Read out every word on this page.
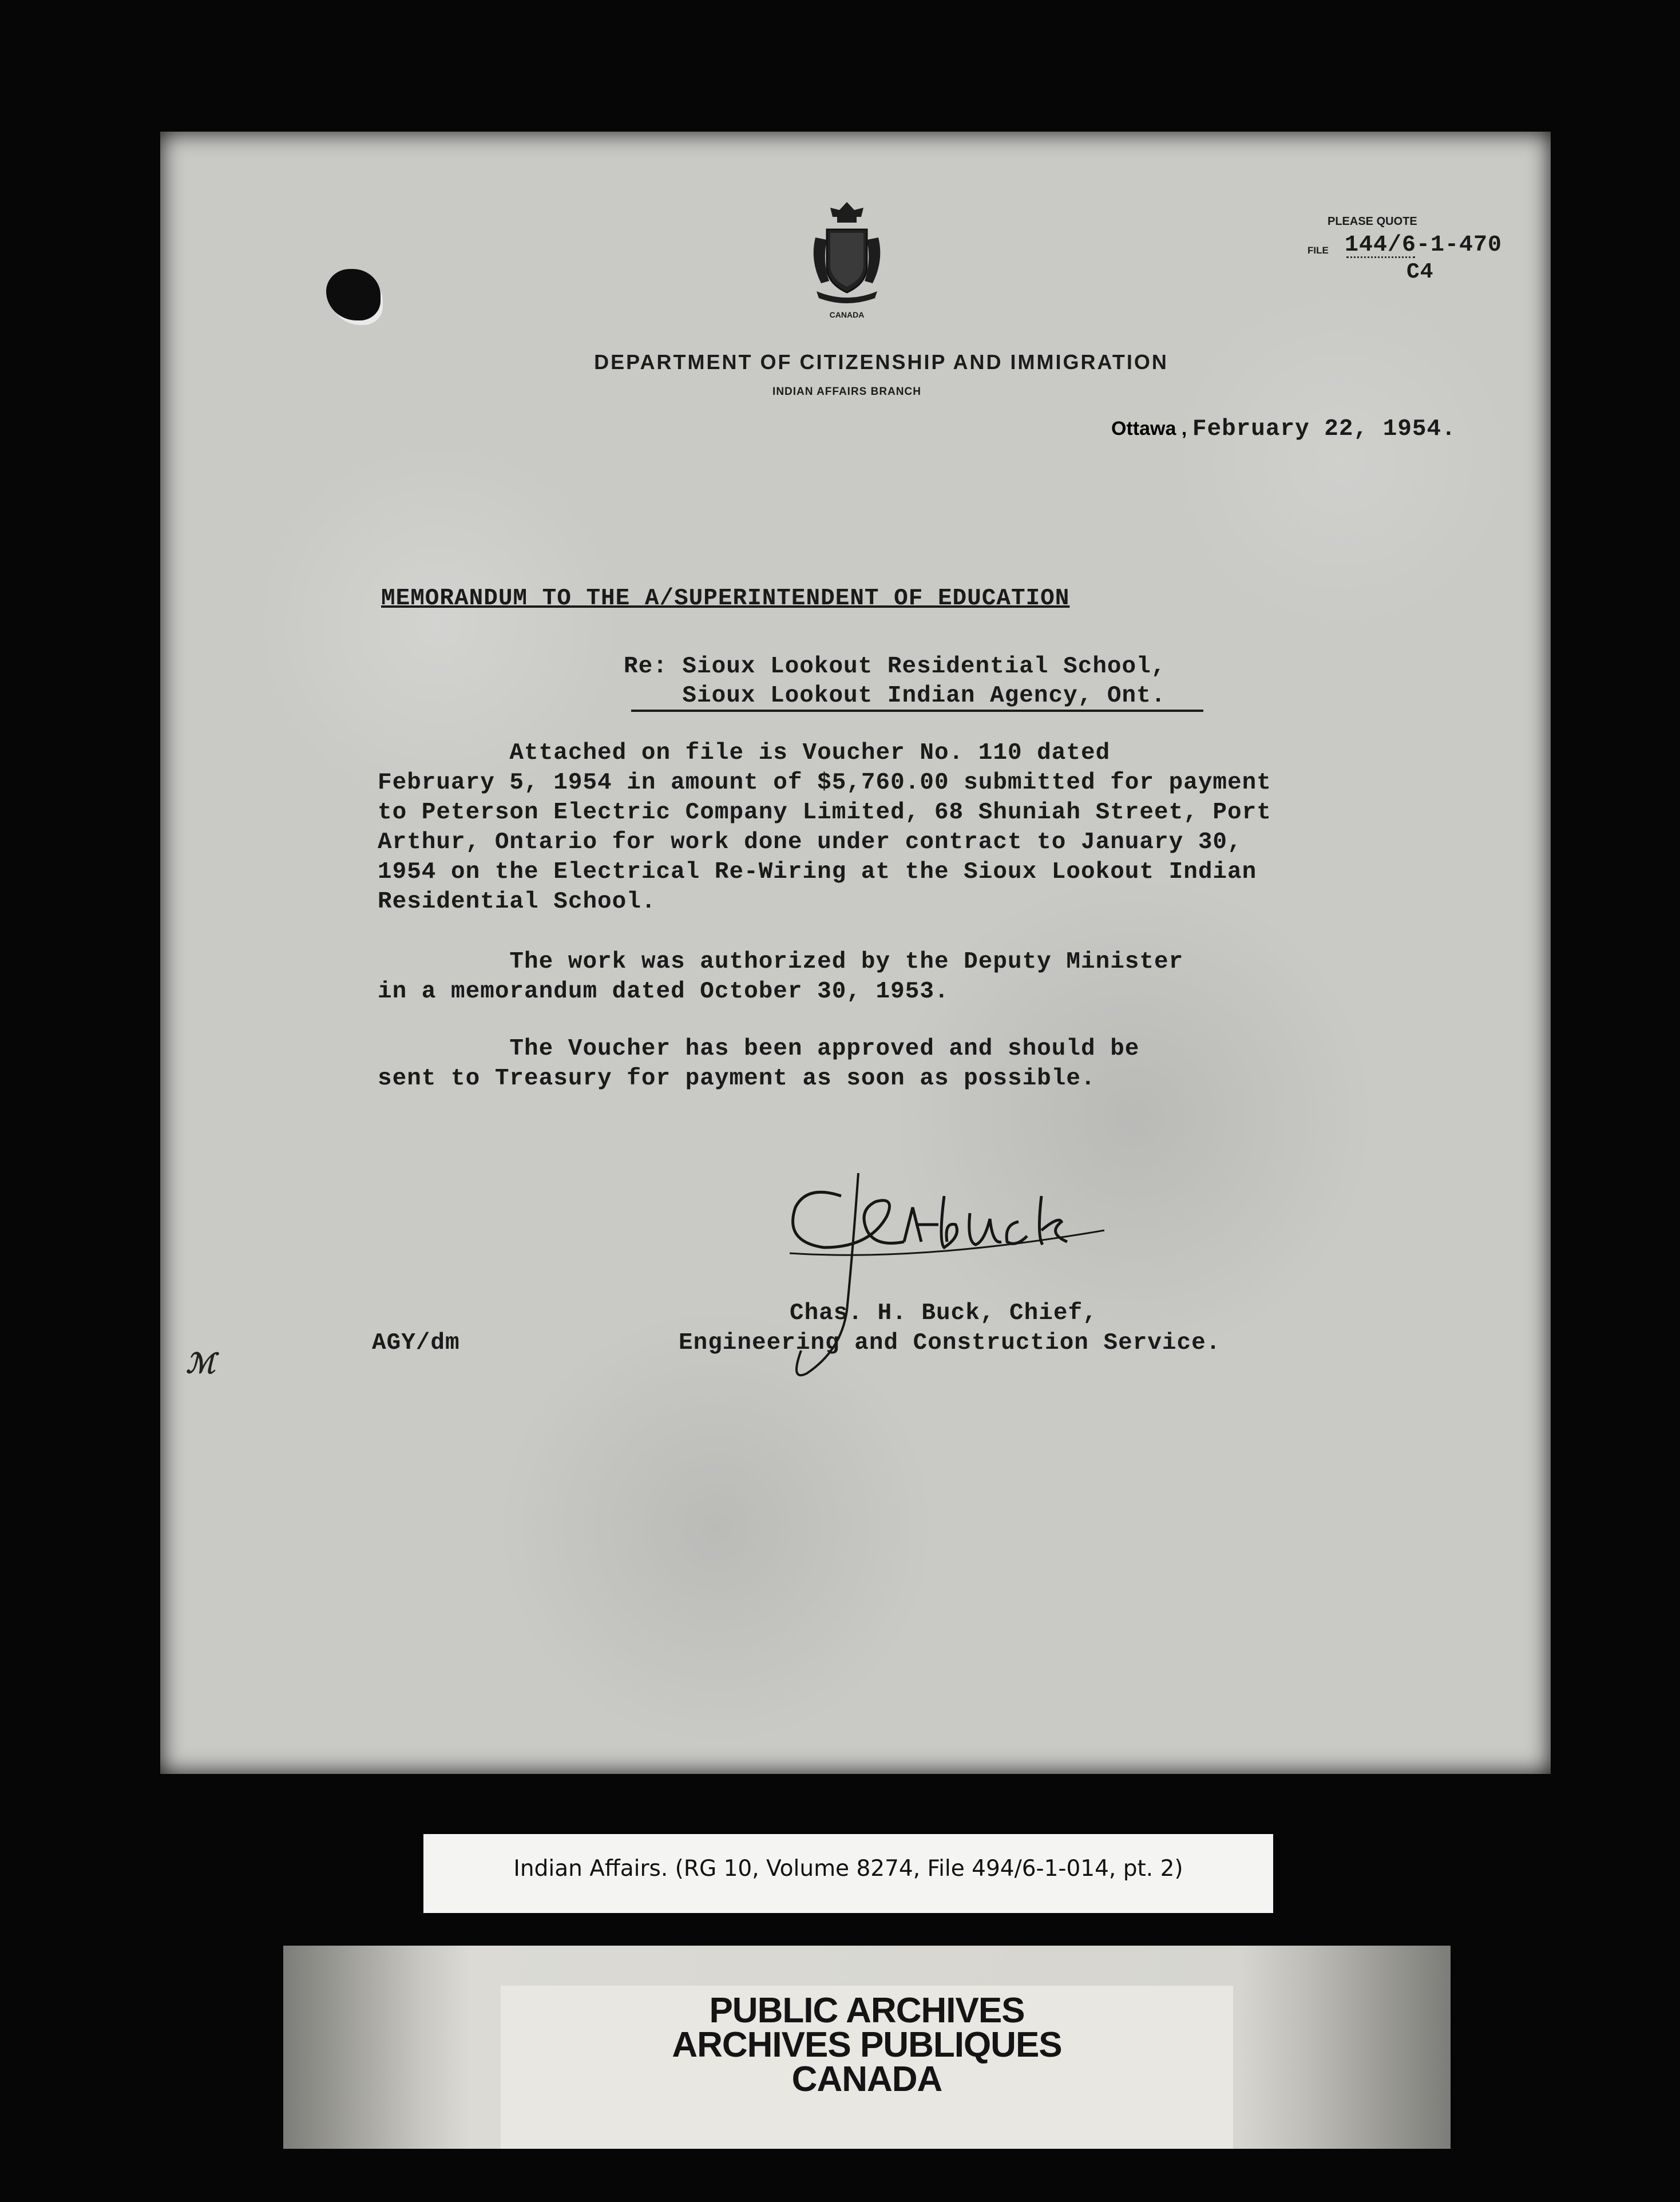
CANADA
PLEASE QUOTE
FILE 144/6-1-470
C4
DEPARTMENT OF CITIZENSHIP AND IMMIGRATION
INDIAN AFFAIRS BRANCH
Ottawa , February 22, 1954.
MEMORANDUM TO THE A/SUPERINTENDENT OF EDUCATION
Re: Sioux Lookout Residential School,
Sioux Lookout Indian Agency, Ont.
Attached on file is Voucher No. 110 dated
February 5, 1954 in amount of $5,760.00 submitted for payment
to Peterson Electric Company Limited, 68 Shuniah Street, Port
Arthur, Ontario for work done under contract to January 30,
1954 on the Electrical Re-Wiring at the Sioux Lookout Indian
Residential School.
The work was authorized by the Deputy Minister
in a memorandum dated October 30, 1953.
The Voucher has been approved and should be
sent to Treasury for payment as soon as possible.
Chas. H. Buck, Chief,
Engineering and Construction Service.
AGY/dm
ℳ
Indian Affairs. (RG 10, Volume 8274, File 494/6-1-014, pt. 2)
PUBLIC ARCHIVES
ARCHIVES PUBLIQUES
CANADA
